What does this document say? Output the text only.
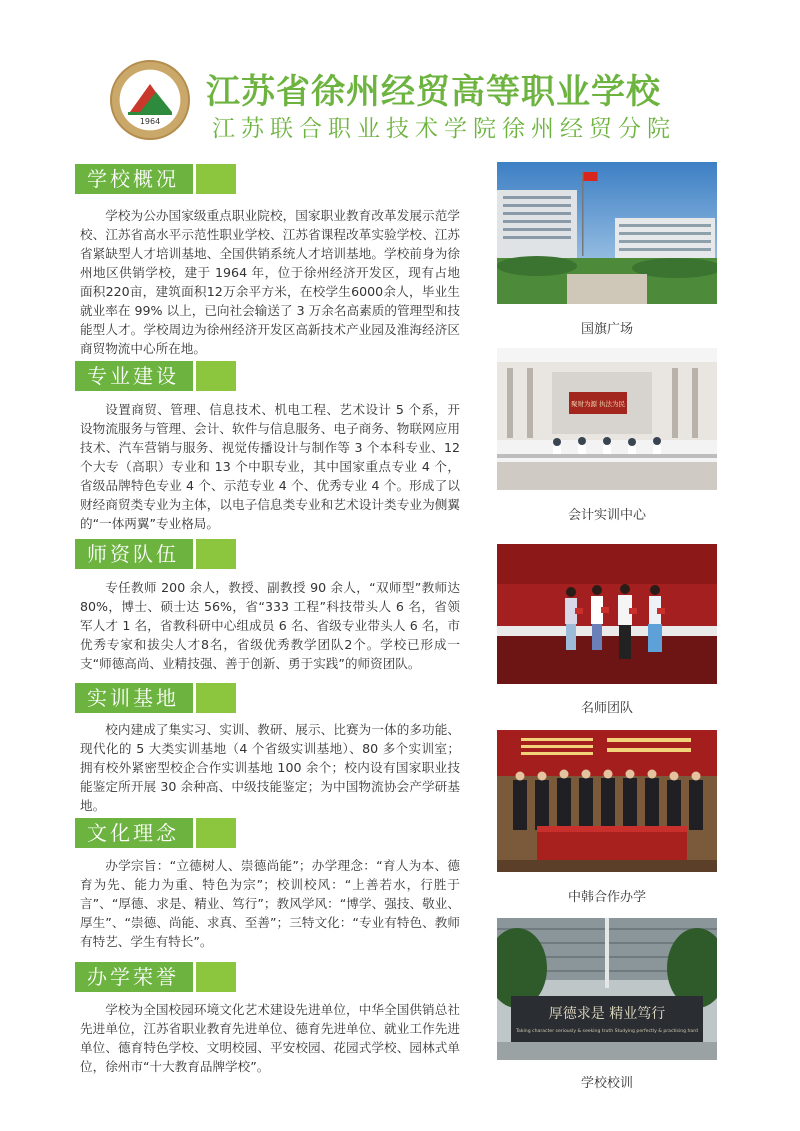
1964
江苏省徐州经贸高等职业学校
江苏联合职业技术学院徐州经贸分院
学校概况
学校为公办国家级重点职业院校，国家职业教育改革发展示范学校、江苏省高水平示范性职业学校、江苏省课程改革实验学校、江苏省紧缺型人才培训基地、全国供销系统人才培训基地。学校前身为徐州地区供销学校，建于 1964 年，位于徐州经济开发区，现有占地面积220亩，建筑面积12万余平方米，在校学生6000余人，毕业生就业率在 99% 以上，已向社会输送了 3 万余名高素质的管理型和技能型人才。学校周边为徐州经济开发区高新技术产业园及淮海经济区商贸物流中心所在地。
专业建设
设置商贸、管理、信息技术、机电工程、艺术设计 5 个系，开设物流服务与管理、会计、软件与信息服务、电子商务、物联网应用技术、汽车营销与服务、视觉传播设计与制作等 3 个本科专业、12 个大专（高职）专业和 13 个中职专业，其中国家重点专业 4 个，省级品牌特色专业 4 个、示范专业 4 个、优秀专业 4 个。形成了以财经商贸类专业为主体，以电子信息类专业和艺术设计类专业为侧翼的“一体两翼”专业格局。
师资队伍
专任教师 200 余人，教授、副教授 90 余人，“双师型”教师达 80%，博士、硕士达 56%，省“333 工程”科技带头人 6 名，省领军人才 1 名，省教科研中心组成员 6 名、省级专业带头人 6 名，市优秀专家和拔尖人才8名，省级优秀教学团队2个。学校已形成一支“师德高尚、业精技强、善于创新、勇于实践”的师资团队。
实训基地
校内建成了集实习、实训、教研、展示、比赛为一体的多功能、现代化的 5 大类实训基地（4 个省级实训基地）、80 多个实训室；拥有校外紧密型校企合作实训基地 100 余个；校内设有国家职业技能鉴定所开展 30 余种高、中级技能鉴定；为中国物流协会产学研基地。
文化理念
办学宗旨：“立德树人、崇德尚能”；办学理念：“育人为本、德育为先、能力为重、特色为宗”；校训校风：“上善若水，行胜于言”、“厚德、求是、精业、笃行”；教风学风：“博学、强技、敬业、厚生”、“崇德、尚能、求真、至善”；三特文化：“专业有特色、教师有特艺、学生有特长”。
办学荣誉
学校为全国校园环境文化艺术建设先进单位，中华全国供销总社先进单位，江苏省职业教育先进单位、德育先进单位、就业工作先进单位、德育特色学校、文明校园、平安校园、花园式学校、园林式单位，徐州市“十大教育品牌学校”。
国旗广场
聚财为源 执法为民
会计实训中心
名师团队
中韩合作办学
厚德求是 精业笃行
Taking character seriously & seeking truth Studying perfectly & practising hard
学校校训
